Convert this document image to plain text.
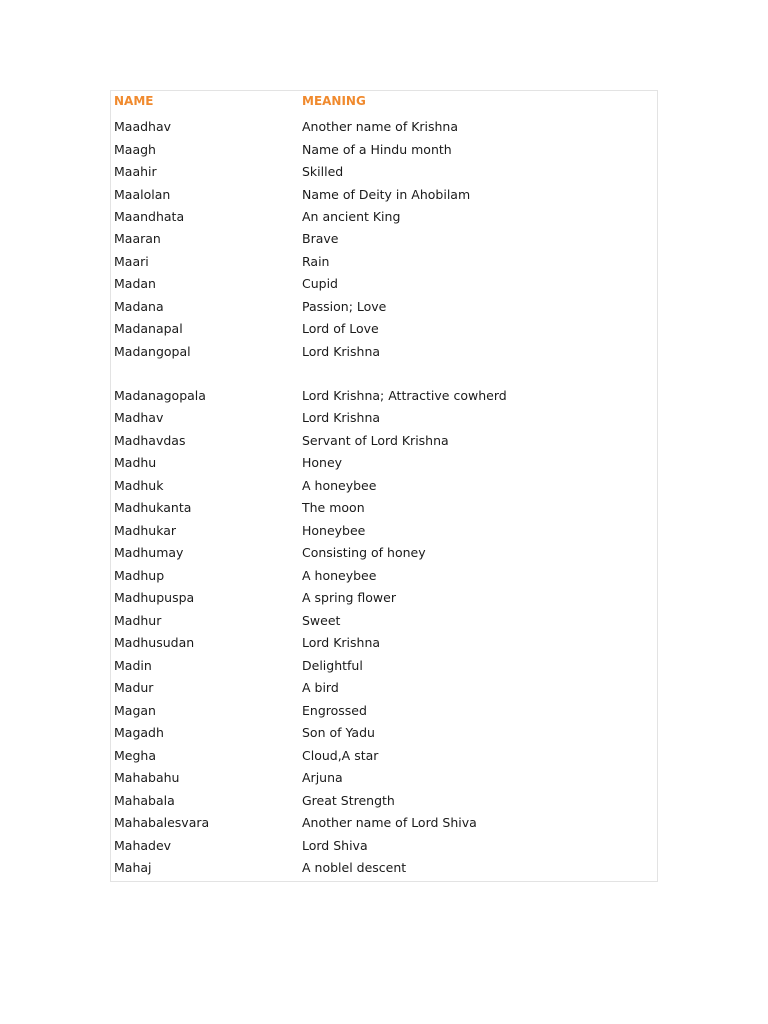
NAME	MEANING
Maadhav	Another name of Krishna
Maagh	Name of a Hindu month
Maahir	Skilled
Maalolan	Name of Deity in Ahobilam
Maandhata	An ancient King
Maaran	Brave
Maari	Rain
Madan	Cupid
Madana	Passion; Love
Madanapal	Lord of Love
Madangopal	Lord Krishna
Madanagopala	Lord Krishna; Attractive cowherd
Madhav	Lord Krishna
Madhavdas	Servant of Lord Krishna
Madhu	Honey
Madhuk	A honeybee
Madhukanta	The moon
Madhukar	Honeybee
Madhumay	Consisting of honey
Madhup	A honeybee
Madhupuspa	A spring flower
Madhur	Sweet
Madhusudan	Lord Krishna
Madin	Delightful
Madur	A bird
Magan	Engrossed
Magadh	Son of Yadu
Megha	Cloud,A star
Mahabahu	Arjuna
Mahabala	Great Strength
Mahabalesvara	Another name of Lord Shiva
Mahadev	Lord Shiva
Mahaj	A noblel descent
